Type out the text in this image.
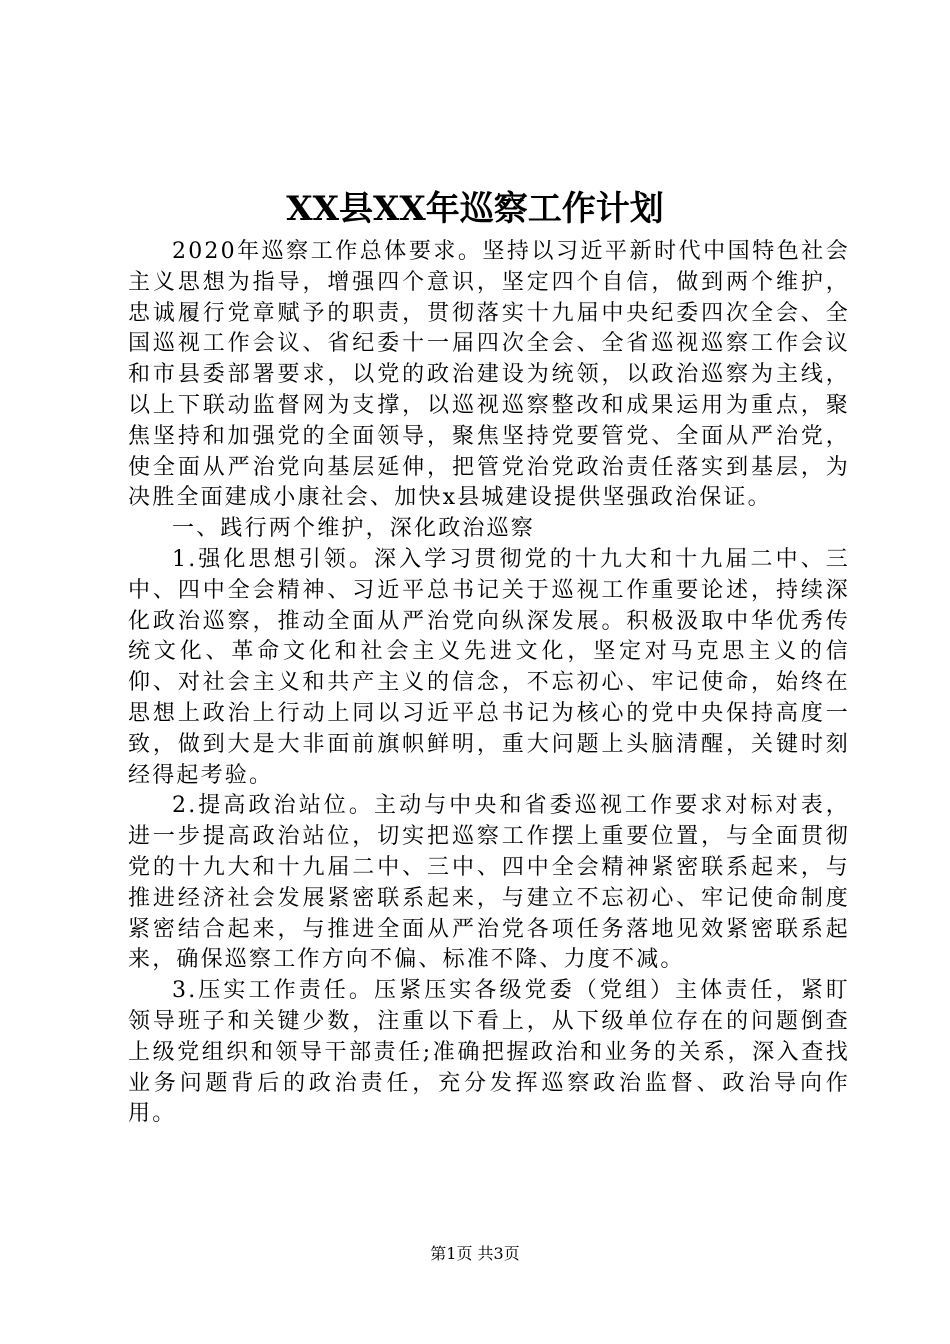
XX县XX年巡察工作计划

2020年巡察工作总体要求。坚持以习近平新时代中国特色社会主义思想为指导，增强四个意识，坚定四个自信，做到两个维护，忠诚履行党章赋予的职责，贯彻落实十九届中央纪委四次全会、全国巡视工作会议、省纪委十一届四次全会、全省巡视巡察工作会议和市县委部署要求，以党的政治建设为统领，以政治巡察为主线，以上下联动监督网为支撑，以巡视巡察整改和成果运用为重点，聚焦坚持和加强党的全面领导，聚焦坚持党要管党、全面从严治党，使全面从严治党向基层延伸，把管党治党政治责任落实到基层，为决胜全面建成小康社会、加快x县城建设提供坚强政治保证。

一、践行两个维护，深化政治巡察

1.强化思想引领。深入学习贯彻党的十九大和十九届二中、三中、四中全会精神、习近平总书记关于巡视工作重要论述，持续深化政治巡察，推动全面从严治党向纵深发展。积极汲取中华优秀传统文化、革命文化和社会主义先进文化，坚定对马克思主义的信仰、对社会主义和共产主义的信念，不忘初心、牢记使命，始终在思想上政治上行动上同以习近平总书记为核心的党中央保持高度一致，做到大是大非面前旗帜鲜明，重大问题上头脑清醒，关键时刻经得起考验。

2.提高政治站位。主动与中央和省委巡视工作要求对标对表，进一步提高政治站位，切实把巡察工作摆上重要位置，与全面贯彻党的十九大和十九届二中、三中、四中全会精神紧密联系起来，与推进经济社会发展紧密联系起来，与建立不忘初心、牢记使命制度紧密结合起来，与推进全面从严治党各项任务落地见效紧密联系起来，确保巡察工作方向不偏、标准不降、力度不减。

3.压实工作责任。压紧压实各级党委（党组）主体责任，紧盯领导班子和关键少数，注重以下看上，从下级单位存在的问题倒查上级党组织和领导干部责任;准确把握政治和业务的关系，深入查找业务问题背后的政治责任，充分发挥巡察政治监督、政治导向作用。

第1页 共3页
